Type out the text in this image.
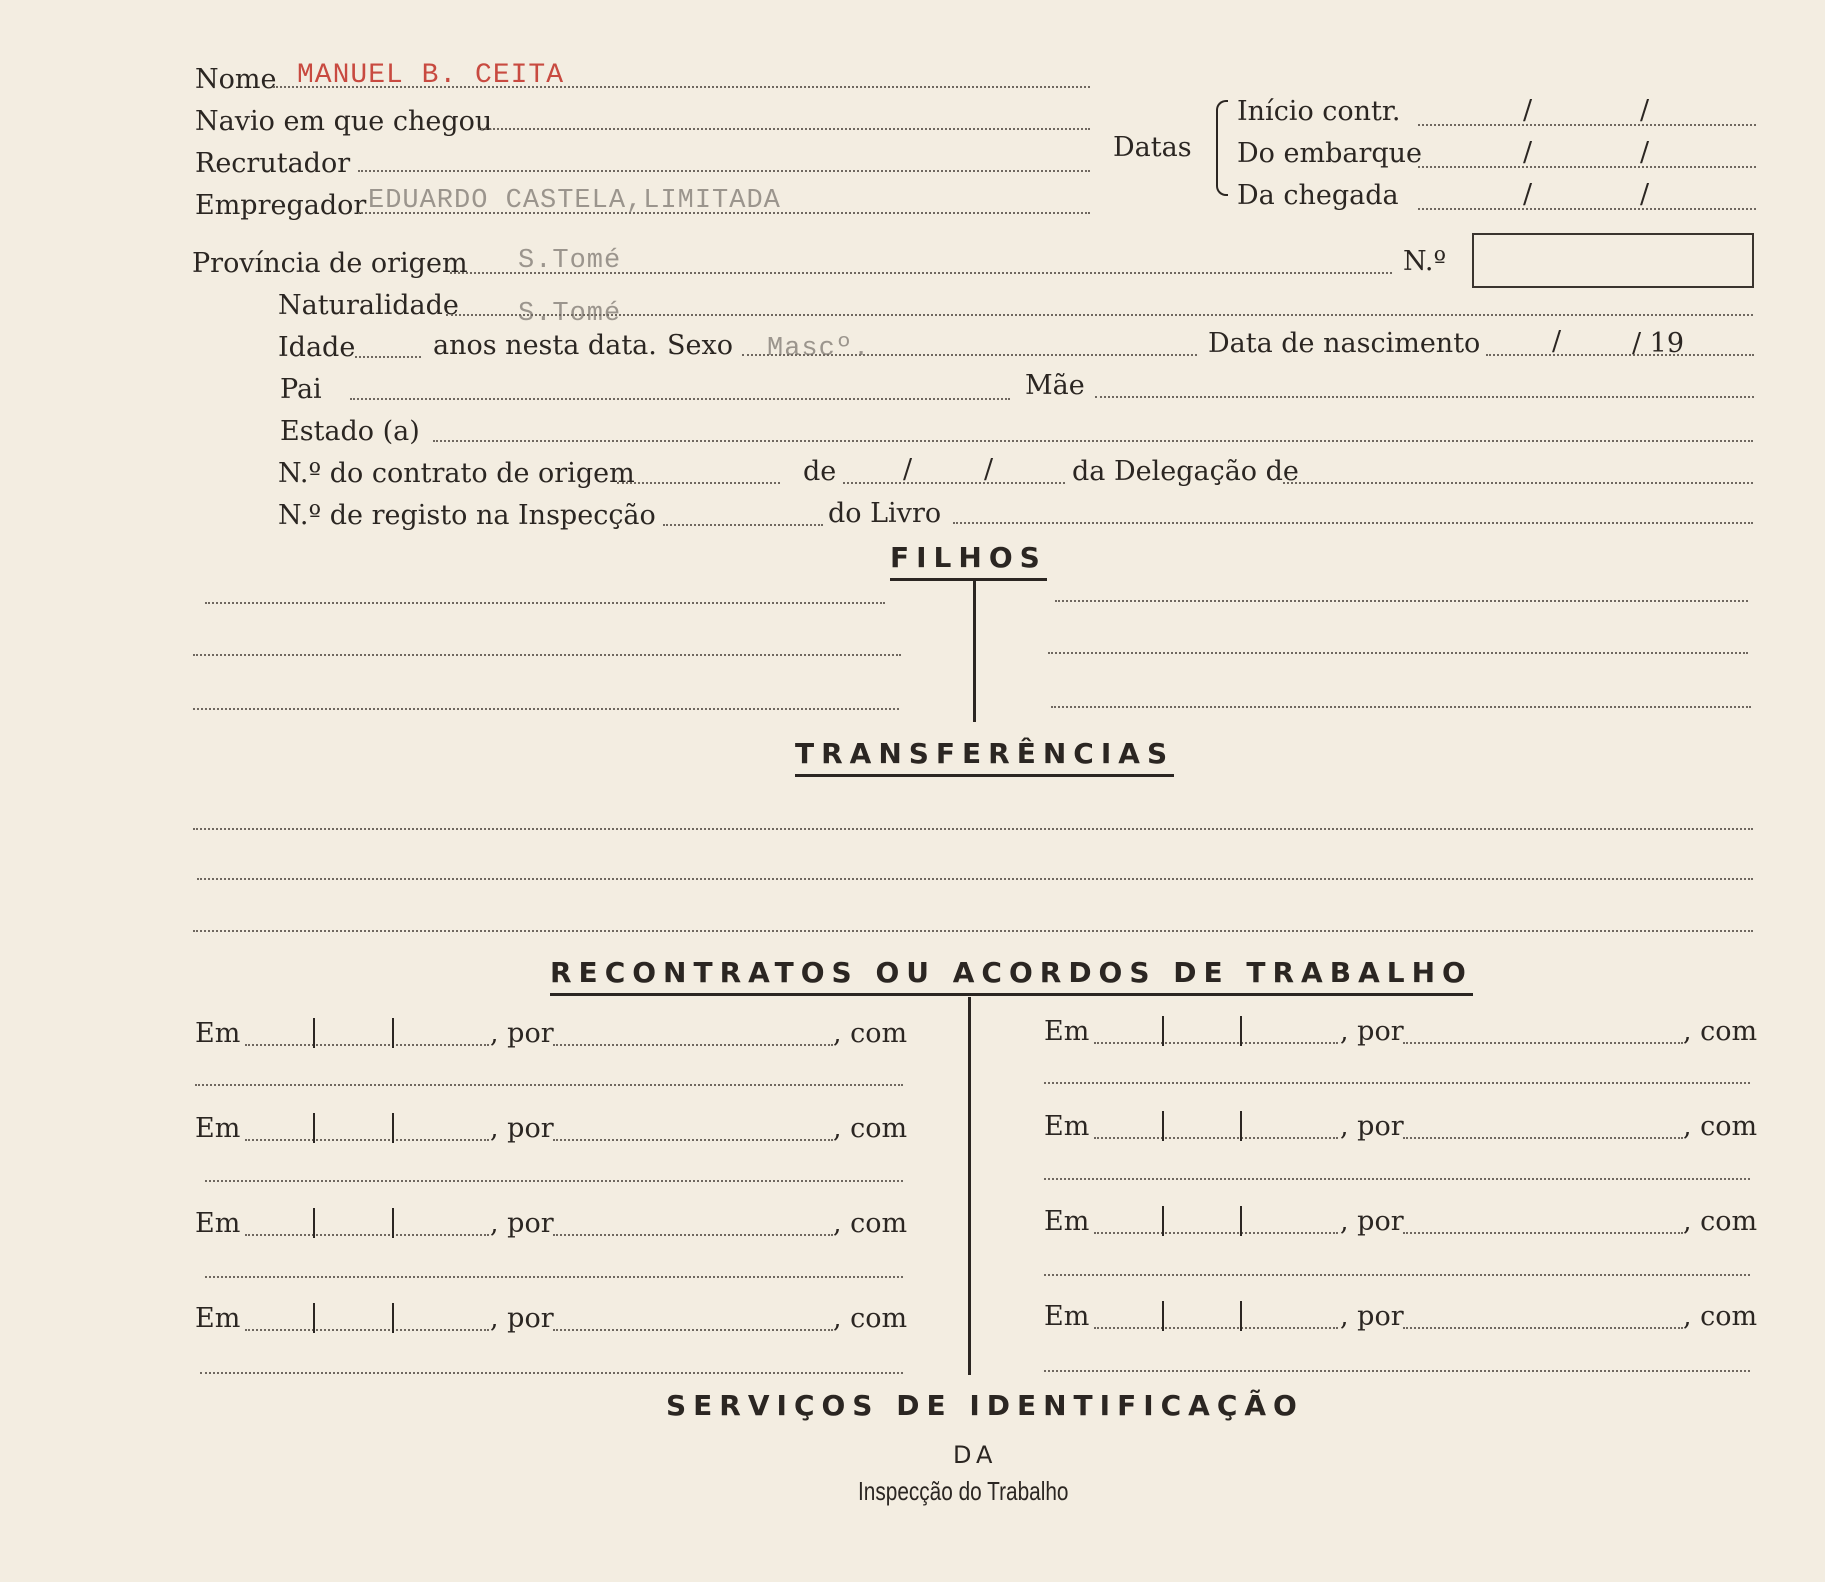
Nome MANUEL B. CEITA
Navio em que chegou
Recrutador
Empregador EDUARDO CASTELA,LIMITADA
Datas
Início contr.	/	/
Do embarque	/	/
Da chegada	/	/
Província de origem S.Tomé	N.º
Naturalidade S.Tomé
Idade	anos nesta data. Sexo Mascº.	Data de nascimento	/	/ 19
Pai	Mãe
Estado (a)
N.º do contrato de origem	de /	/	da Delegação de
N.º de registo na Inspecção	do Livro
FILHOS
TRANSFERÊNCIAS
RECONTRATOS OU ACORDOS DE TRABALHO
Em	, por	, com
Em	, por	, com
Em	, por	, com
Em	, por	, com
Em	, por	, com
Em	, por	, com
Em	, por	, com
Em	, por	, com
SERVIÇOS DE IDENTIFICAÇÃO
DA
Inspecção do Trabalho
